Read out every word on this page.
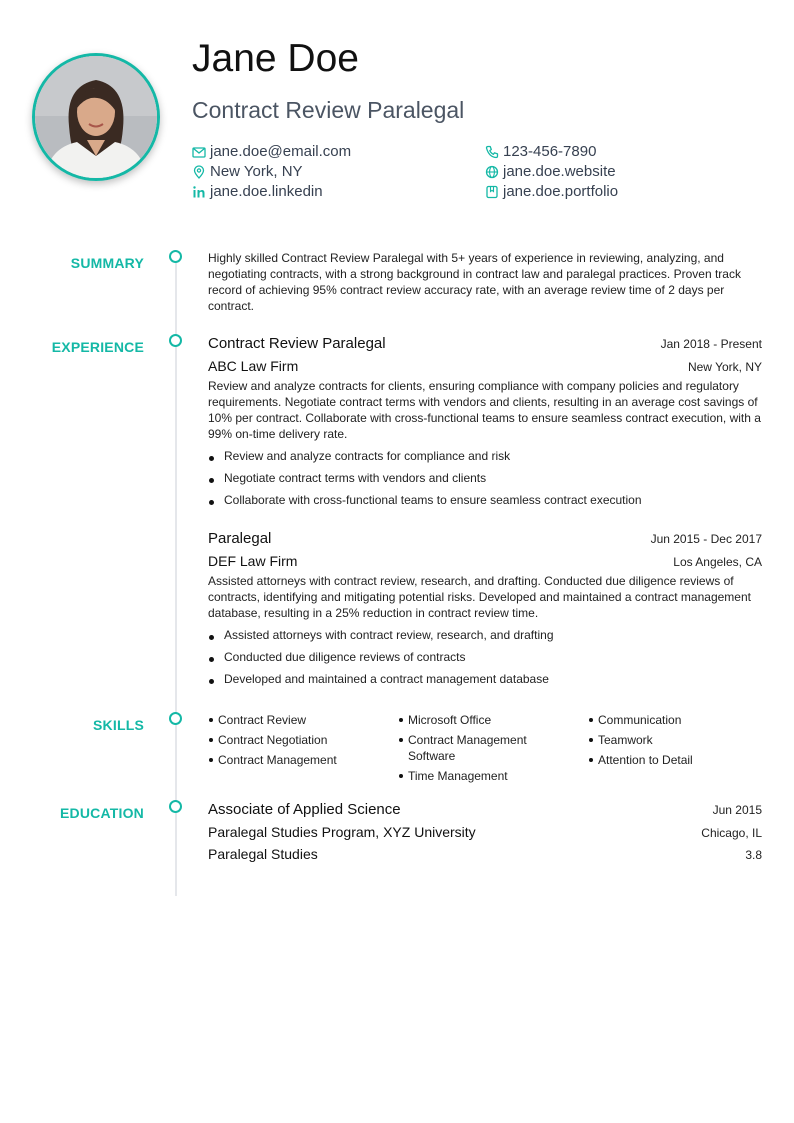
Jane Doe
Contract Review Paralegal
jane.doe@email.com
New York, NY
jane.doe.linkedin
123-456-7890
jane.doe.website
jane.doe.portfolio
SUMMARY
EXPERIENCE
SKILLS
EDUCATION
Highly skilled Contract Review Paralegal with 5+ years of experience in reviewing, analyzing, and negotiating contracts, with a strong background in contract law and paralegal practices. Proven track record of achieving 95% contract review accuracy rate, with an average review time of 2 days per contract.
Contract Review Paralegal	Jan 2018 - Present
ABC Law Firm	New York, NY
Review and analyze contracts for clients, ensuring compliance with company policies and regulatory requirements. Negotiate contract terms with vendors and clients, resulting in an average cost savings of 10% per contract. Collaborate with cross-functional teams to ensure seamless contract execution, with a 99% on-time delivery rate.
Review and analyze contracts for compliance and risk
Negotiate contract terms with vendors and clients
Collaborate with cross-functional teams to ensure seamless contract execution
Paralegal	Jun 2015 - Dec 2017
DEF Law Firm	Los Angeles, CA
Assisted attorneys with contract review, research, and drafting. Conducted due diligence reviews of contracts, identifying and mitigating potential risks. Developed and maintained a contract management database, resulting in a 25% reduction in contract review time.
Assisted attorneys with contract review, research, and drafting
Conducted due diligence reviews of contracts
Developed and maintained a contract management database
Contract Review
Contract Negotiation
Contract Management
Microsoft Office
Contract Management Software
Time Management
Communication
Teamwork
Attention to Detail
Associate of Applied Science	Jun 2015
Paralegal Studies Program, XYZ University	Chicago, IL
Paralegal Studies	3.8
